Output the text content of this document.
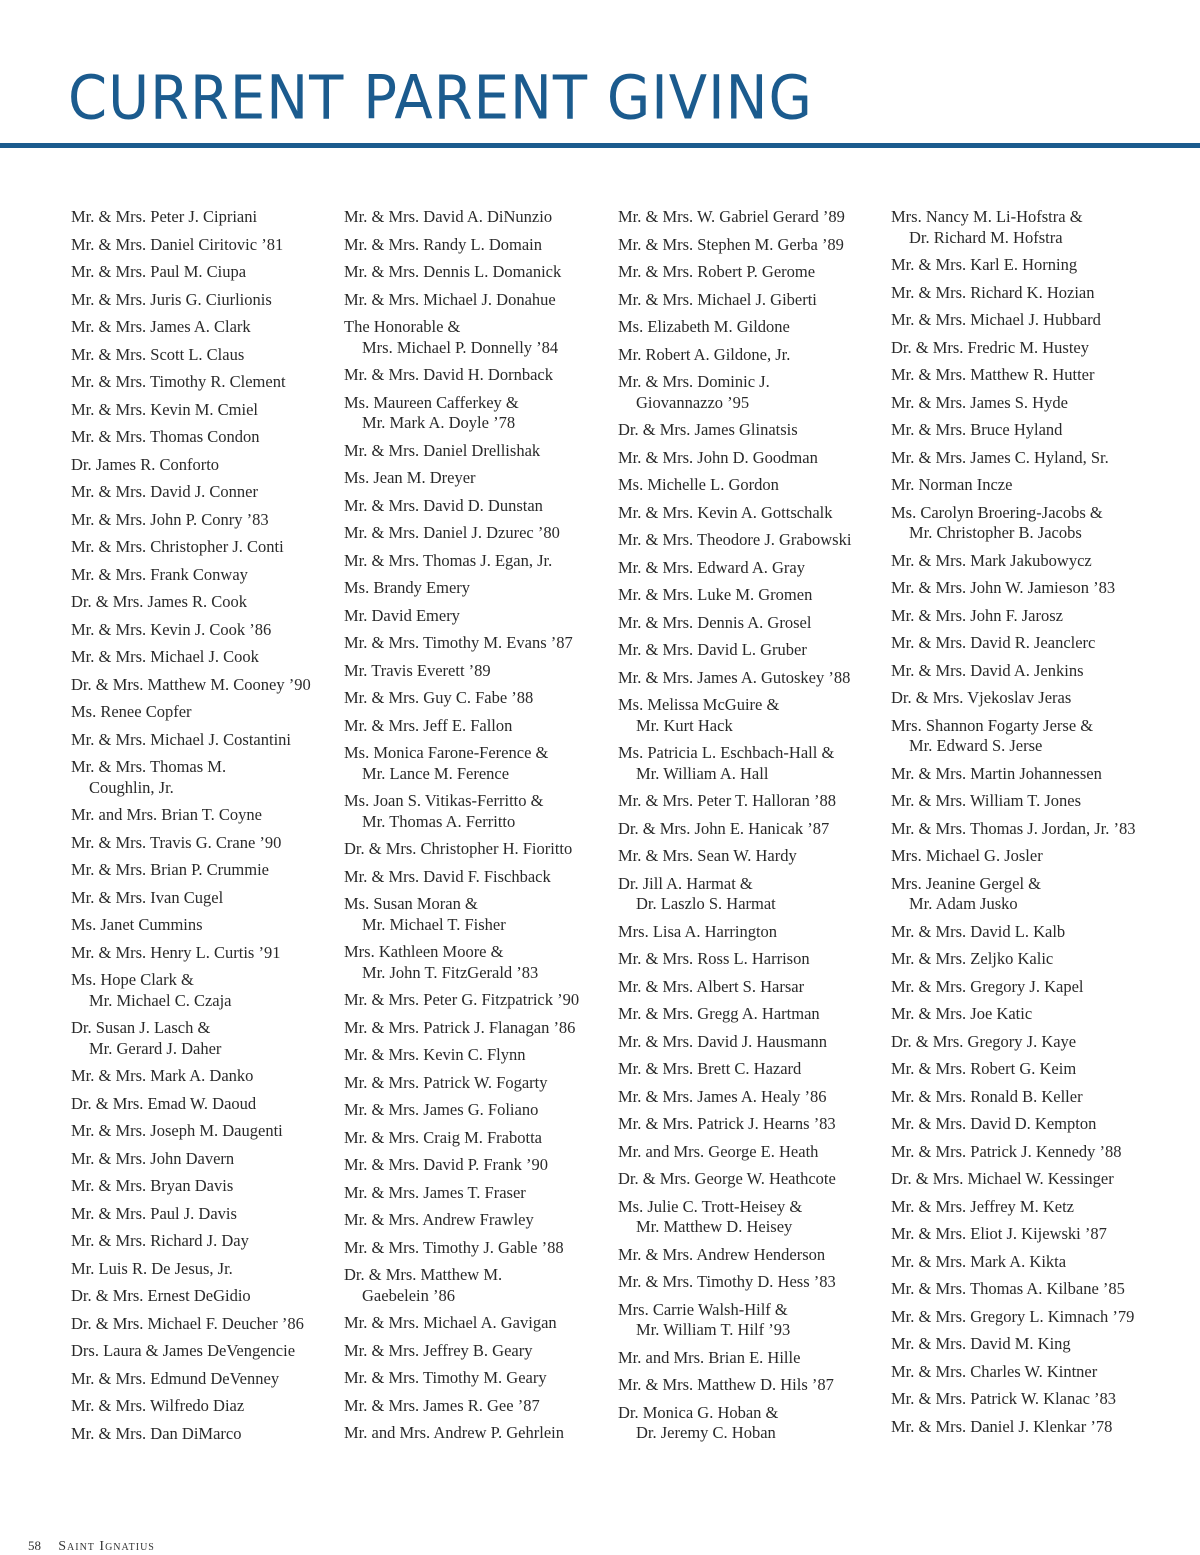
CURRENT PARENT GIVING
Mr. & Mrs. Peter J. Cipriani
Mr. & Mrs. Daniel Ciritovic ’81
Mr. & Mrs. Paul M. Ciupa
Mr. & Mrs. Juris G. Ciurlionis
Mr. & Mrs. James A. Clark
Mr. & Mrs. Scott L. Claus
Mr. & Mrs. Timothy R. Clement
Mr. & Mrs. Kevin M. Cmiel
Mr. & Mrs. Thomas Condon
Dr. James R. Conforto
Mr. & Mrs. David J. Conner
Mr. & Mrs. John P. Conry ’83
Mr. & Mrs. Christopher J. Conti
Mr. & Mrs. Frank Conway
Dr. & Mrs. James R. Cook
Mr. & Mrs. Kevin J. Cook ’86
Mr. & Mrs. Michael J. Cook
Dr. & Mrs. Matthew M. Cooney ’90
Ms. Renee Copfer
Mr. & Mrs. Michael J. Costantini
Mr. & Mrs. Thomas M.
Coughlin, Jr.
Mr. and Mrs. Brian T. Coyne
Mr. & Mrs. Travis G. Crane ’90
Mr. & Mrs. Brian P. Crummie
Mr. & Mrs. Ivan Cugel
Ms. Janet Cummins
Mr. & Mrs. Henry L. Curtis ’91
Ms. Hope Clark &
Mr. Michael C. Czaja
Dr. Susan J. Lasch &
Mr. Gerard J. Daher
Mr. & Mrs. Mark A. Danko
Dr. & Mrs. Emad W. Daoud
Mr. & Mrs. Joseph M. Daugenti
Mr. & Mrs. John Davern
Mr. & Mrs. Bryan Davis
Mr. & Mrs. Paul J. Davis
Mr. & Mrs. Richard J. Day
Mr. Luis R. De Jesus, Jr.
Dr. & Mrs. Ernest DeGidio
Dr. & Mrs. Michael F. Deucher ’86
Drs. Laura & James DeVengencie
Mr. & Mrs. Edmund DeVenney
Mr. & Mrs. Wilfredo Diaz
Mr. & Mrs. Dan DiMarco
Mr. & Mrs. David A. DiNunzio
Mr. & Mrs. Randy L. Domain
Mr. & Mrs. Dennis L. Domanick
Mr. & Mrs. Michael J. Donahue
The Honorable &
Mrs. Michael P. Donnelly ’84
Mr. & Mrs. David H. Dornback
Ms. Maureen Cafferkey &
Mr. Mark A. Doyle ’78
Mr. & Mrs. Daniel Drellishak
Ms. Jean M. Dreyer
Mr. & Mrs. David D. Dunstan
Mr. & Mrs. Daniel J. Dzurec ’80
Mr. & Mrs. Thomas J. Egan, Jr.
Ms. Brandy Emery
Mr. David Emery
Mr. & Mrs. Timothy M. Evans ’87
Mr. Travis Everett ’89
Mr. & Mrs. Guy C. Fabe ’88
Mr. & Mrs. Jeff E. Fallon
Ms. Monica Farone-Ference &
Mr. Lance M. Ference
Ms. Joan S. Vitikas-Ferritto &
Mr. Thomas A. Ferritto
Dr. & Mrs. Christopher H. Fioritto
Mr. & Mrs. David F. Fischback
Ms. Susan Moran &
Mr. Michael T. Fisher
Mrs. Kathleen Moore &
Mr. John T. FitzGerald ’83
Mr. & Mrs. Peter G. Fitzpatrick ’90
Mr. & Mrs. Patrick J. Flanagan ’86
Mr. & Mrs. Kevin C. Flynn
Mr. & Mrs. Patrick W. Fogarty
Mr. & Mrs. James G. Foliano
Mr. & Mrs. Craig M. Frabotta
Mr. & Mrs. David P. Frank ’90
Mr. & Mrs. James T. Fraser
Mr. & Mrs. Andrew Frawley
Mr. & Mrs. Timothy J. Gable ’88
Dr. & Mrs. Matthew M.
Gaebelein ’86
Mr. & Mrs. Michael A. Gavigan
Mr. & Mrs. Jeffrey B. Geary
Mr. & Mrs. Timothy M. Geary
Mr. & Mrs. James R. Gee ’87
Mr. and Mrs. Andrew P. Gehrlein
Mr. & Mrs. W. Gabriel Gerard ’89
Mr. & Mrs. Stephen M. Gerba ’89
Mr. & Mrs. Robert P. Gerome
Mr. & Mrs. Michael J. Giberti
Ms. Elizabeth M. Gildone
Mr. Robert A. Gildone, Jr.
Mr. & Mrs. Dominic J.
Giovannazzo ’95
Dr. & Mrs. James Glinatsis
Mr. & Mrs. John D. Goodman
Ms. Michelle L. Gordon
Mr. & Mrs. Kevin A. Gottschalk
Mr. & Mrs. Theodore J. Grabowski
Mr. & Mrs. Edward A. Gray
Mr. & Mrs. Luke M. Gromen
Mr. & Mrs. Dennis A. Grosel
Mr. & Mrs. David L. Gruber
Mr. & Mrs. James A. Gutoskey ’88
Ms. Melissa McGuire &
Mr. Kurt Hack
Ms. Patricia L. Eschbach-Hall &
Mr. William A. Hall
Mr. & Mrs. Peter T. Halloran ’88
Dr. & Mrs. John E. Hanicak ’87
Mr. & Mrs. Sean W. Hardy
Dr. Jill A. Harmat &
Dr. Laszlo S. Harmat
Mrs. Lisa A. Harrington
Mr. & Mrs. Ross L. Harrison
Mr. & Mrs. Albert S. Harsar
Mr. & Mrs. Gregg A. Hartman
Mr. & Mrs. David J. Hausmann
Mr. & Mrs. Brett C. Hazard
Mr. & Mrs. James A. Healy ’86
Mr. & Mrs. Patrick J. Hearns ’83
Mr. and Mrs. George E. Heath
Dr. & Mrs. George W. Heathcote
Ms. Julie C. Trott-Heisey &
Mr. Matthew D. Heisey
Mr. & Mrs. Andrew Henderson
Mr. & Mrs. Timothy D. Hess ’83
Mrs. Carrie Walsh-Hilf &
Mr. William T. Hilf ’93
Mr. and Mrs. Brian E. Hille
Mr. & Mrs. Matthew D. Hils ’87
Dr. Monica G. Hoban &
Dr. Jeremy C. Hoban
Mrs. Nancy M. Li-Hofstra &
Dr. Richard M. Hofstra
Mr. & Mrs. Karl E. Horning
Mr. & Mrs. Richard K. Hozian
Mr. & Mrs. Michael J. Hubbard
Dr. & Mrs. Fredric M. Hustey
Mr. & Mrs. Matthew R. Hutter
Mr. & Mrs. James S. Hyde
Mr. & Mrs. Bruce Hyland
Mr. & Mrs. James C. Hyland, Sr.
Mr. Norman Incze
Ms. Carolyn Broering-Jacobs &
Mr. Christopher B. Jacobs
Mr. & Mrs. Mark Jakubowycz
Mr. & Mrs. John W. Jamieson ’83
Mr. & Mrs. John F. Jarosz
Mr. & Mrs. David R. Jeanclerc
Mr. & Mrs. David A. Jenkins
Dr. & Mrs. Vjekoslav Jeras
Mrs. Shannon Fogarty Jerse &
Mr. Edward S. Jerse
Mr. & Mrs. Martin Johannessen
Mr. & Mrs. William T. Jones
Mr. & Mrs. Thomas J. Jordan, Jr. ’83
Mrs. Michael G. Josler
Mrs. Jeanine Gergel &
Mr. Adam Jusko
Mr. & Mrs. David L. Kalb
Mr. & Mrs. Zeljko Kalic
Mr. & Mrs. Gregory J. Kapel
Mr. & Mrs. Joe Katic
Dr. & Mrs. Gregory J. Kaye
Mr. & Mrs. Robert G. Keim
Mr. & Mrs. Ronald B. Keller
Mr. & Mrs. David D. Kempton
Mr. & Mrs. Patrick J. Kennedy ’88
Dr. & Mrs. Michael W. Kessinger
Mr. & Mrs. Jeffrey M. Ketz
Mr. & Mrs. Eliot J. Kijewski ’87
Mr. & Mrs. Mark A. Kikta
Mr. & Mrs. Thomas A. Kilbane ’85
Mr. & Mrs. Gregory L. Kimnach ’79
Mr. & Mrs. David M. King
Mr. & Mrs. Charles W. Kintner
Mr. & Mrs. Patrick W. Klanac ’83
Mr. & Mrs. Daniel J. Klenkar ’78
58 Saint Ignatius
